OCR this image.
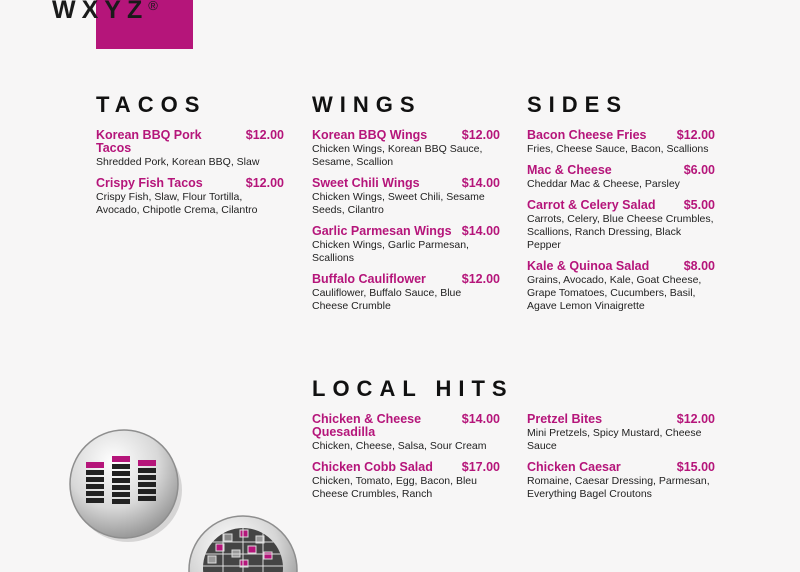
WXYZ®
TACOS	WINGS	SIDES
LOCAL HITS
Korean BBQ Pork Tacos
$12.00
Shredded Pork, Korean BBQ, Slaw
Crispy Fish Tacos	$12.00
Crispy Fish, Slaw, Flour Tortilla, Avocado, Chipotle Crema, Cilantro
Korean BBQ Wings	$12.00
Chicken Wings, Korean BBQ Sauce, Sesame, Scallion
Sweet Chili Wings	$14.00
Chicken Wings, Sweet Chili, Sesame Seeds, Cilantro
Garlic Parmesan Wings $14.00
Chicken Wings, Garlic Parmesan, Scallions
Buffalo Cauliflower	$12.00
Cauliflower, Buffalo Sauce, Blue Cheese Crumble
Bacon Cheese Fries $12.00
Fries, Cheese Sauce, Bacon, Scallions
Mac & Cheese	$6.00
Cheddar Mac & Cheese, Parsley
Carrot & Celery Salad $5.00
Carrots, Celery, Blue Cheese Crumbles, Scallions, Ranch Dressing, Black Pepper
Kale & Quinoa Salad	$8.00
Grains, Avocado, Kale, Goat Cheese, Grape Tomatoes, Cucumbers, Basil, Agave Lemon Vinaigrette
Chicken & Cheese Quesadilla
$14.00
Chicken, Cheese, Salsa, Sour Cream
Chicken Cobb Salad $17.00
Chicken, Tomato, Egg, Bacon, Bleu Cheese Crumbles, Ranch
Pretzel Bites	$12.00
Mini Pretzels, Spicy Mustard, Cheese Sauce
Chicken Caesar	$15.00
Romaine, Caesar Dressing, Parmesan, Everything Bagel Croutons
